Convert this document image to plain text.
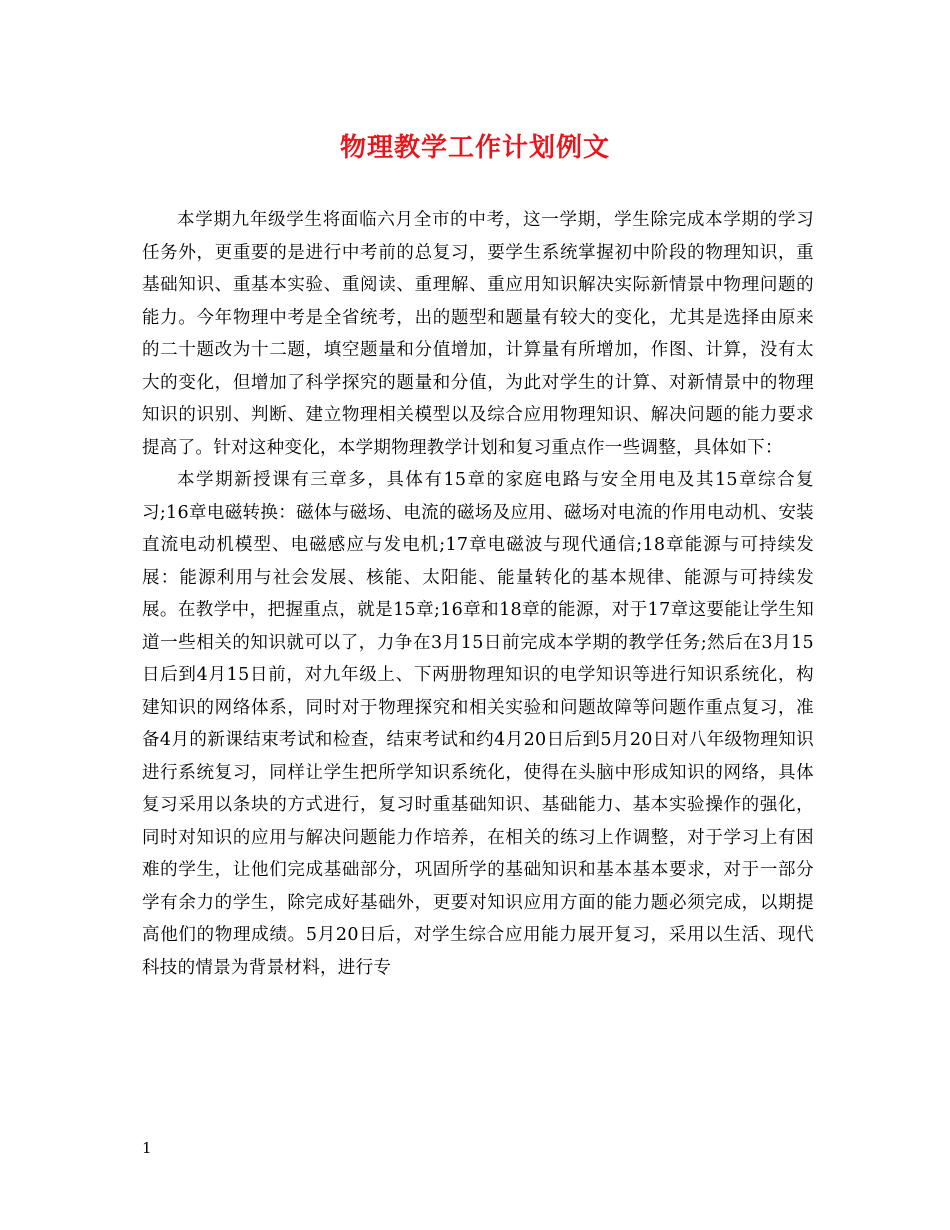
物理教学工作计划例文

本学期九年级学生将面临六月全市的中考，这一学期，学生除完成本学期的学习任务外，更重要的是进行中考前的总复习，要学生系统掌握初中阶段的物理知识，重基础知识、重基本实验、重阅读、重理解、重应用知识解决实际新情景中物理问题的能力。今年物理中考是全省统考，出的题型和题量有较大的变化，尤其是选择由原来的二十题改为十二题，填空题量和分值增加，计算量有所增加，作图、计算，没有太大的变化，但增加了科学探究的题量和分值，为此对学生的计算、对新情景中的物理知识的识别、判断、建立物理相关模型以及综合应用物理知识、解决问题的能力要求提高了。针对这种变化，本学期物理教学计划和复习重点作一些调整，具体如下：

本学期新授课有三章多，具体有15章的家庭电路与安全用电及其15章综合复习;16章电磁转换：磁体与磁场、电流的磁场及应用、磁场对电流的作用电动机、安装直流电动机模型、电磁感应与发电机;17章电磁波与现代通信;18章能源与可持续发展：能源利用与社会发展、核能、太阳能、能量转化的基本规律、能源与可持续发展。在教学中，把握重点，就是15章;16章和18章的能源，对于17章这要能让学生知道一些相关的知识就可以了，力争在3月15日前完成本学期的教学任务;然后在3月15日后到4月15日前，对九年级上、下两册物理知识的电学知识等进行知识系统化，构建知识的网络体系，同时对于物理探究和相关实验和问题故障等问题作重点复习，准备4月的新课结束考试和检查，结束考试和约4月20日后到5月20日对八年级物理知识进行系统复习，同样让学生把所学知识系统化，使得在头脑中形成知识的网络，具体复习采用以条块的方式进行，复习时重基础知识、基础能力、基本实验操作的强化，同时对知识的应用与解决问题能力作培养，在相关的练习上作调整，对于学习上有困难的学生，让他们完成基础部分，巩固所学的基础知识和基本基本要求，对于一部分学有余力的学生，除完成好基础外，更要对知识应用方面的能力题必须完成，以期提高他们的物理成绩。5月20日后，对学生综合应用能力展开复习，采用以生活、现代科技的情景为背景材料，进行专

1
